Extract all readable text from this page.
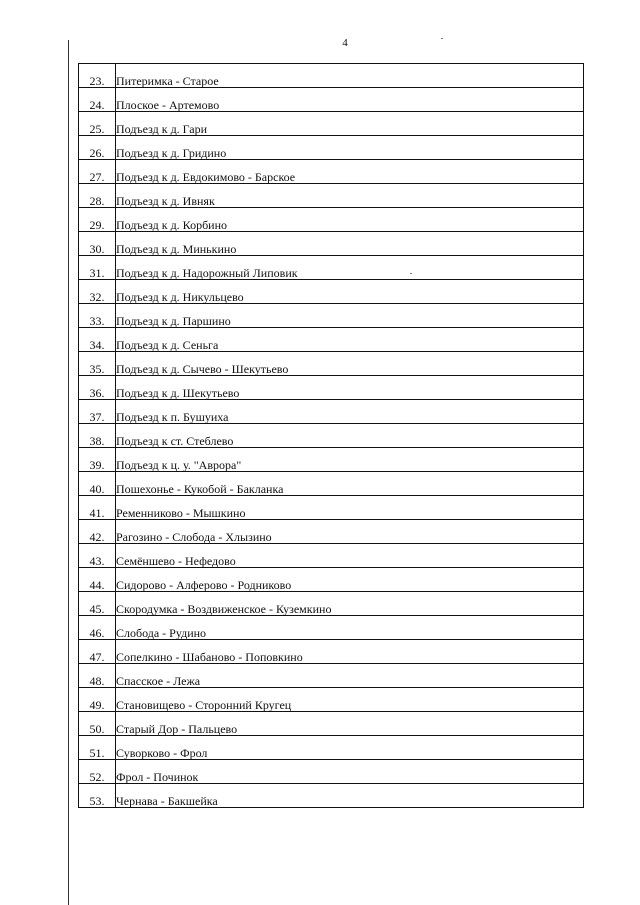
4
23.	Питеримка - Старое
24.	Плоское - Артемово
25.	Подъезд к д. Гари
26.	Подъезд к д. Гридино
27.	Подъезд к д. Евдокимово - Барское
28.	Подъезд к д. Ивняк
29.	Подъезд к д. Корбино
30.	Подъезд к д. Минькино
31.	Подъезд к д. Надорожный Липовик
32.	Подъезд к д. Никульцево
33.	Подъезд к д. Паршино
34.	Подъезд к д. Сеньга
35.	Подъезд к д. Сычево - Шекутьево
36.	Подъезд к д. Шекутьево
37.	Подъезд к п. Бушуиха
38.	Подъезд к ст. Стеблево
39.	Подъезд к ц. у. "Аврора"
40.	Пошехонье - Кукобой - Бакланка
41.	Ременниково - Мышкино
42.	Рагозино - Слобода - Хлызино
43.	Семёншево - Нефедово
44.	Сидорово - Алферово - Родниково
45.	Скородумка - Воздвиженское - Куземкино
46.	Слобода - Рудино
47.	Сопелкино - Шабаново - Поповкино
48.	Спасское - Лежа
49.	Становищево - Сторонний Кругец
50.	Старый Дор - Пальцево
51.	Суворково - Фрол
52.	Фрол - Починок
53.	Чернава - Бакшейка
